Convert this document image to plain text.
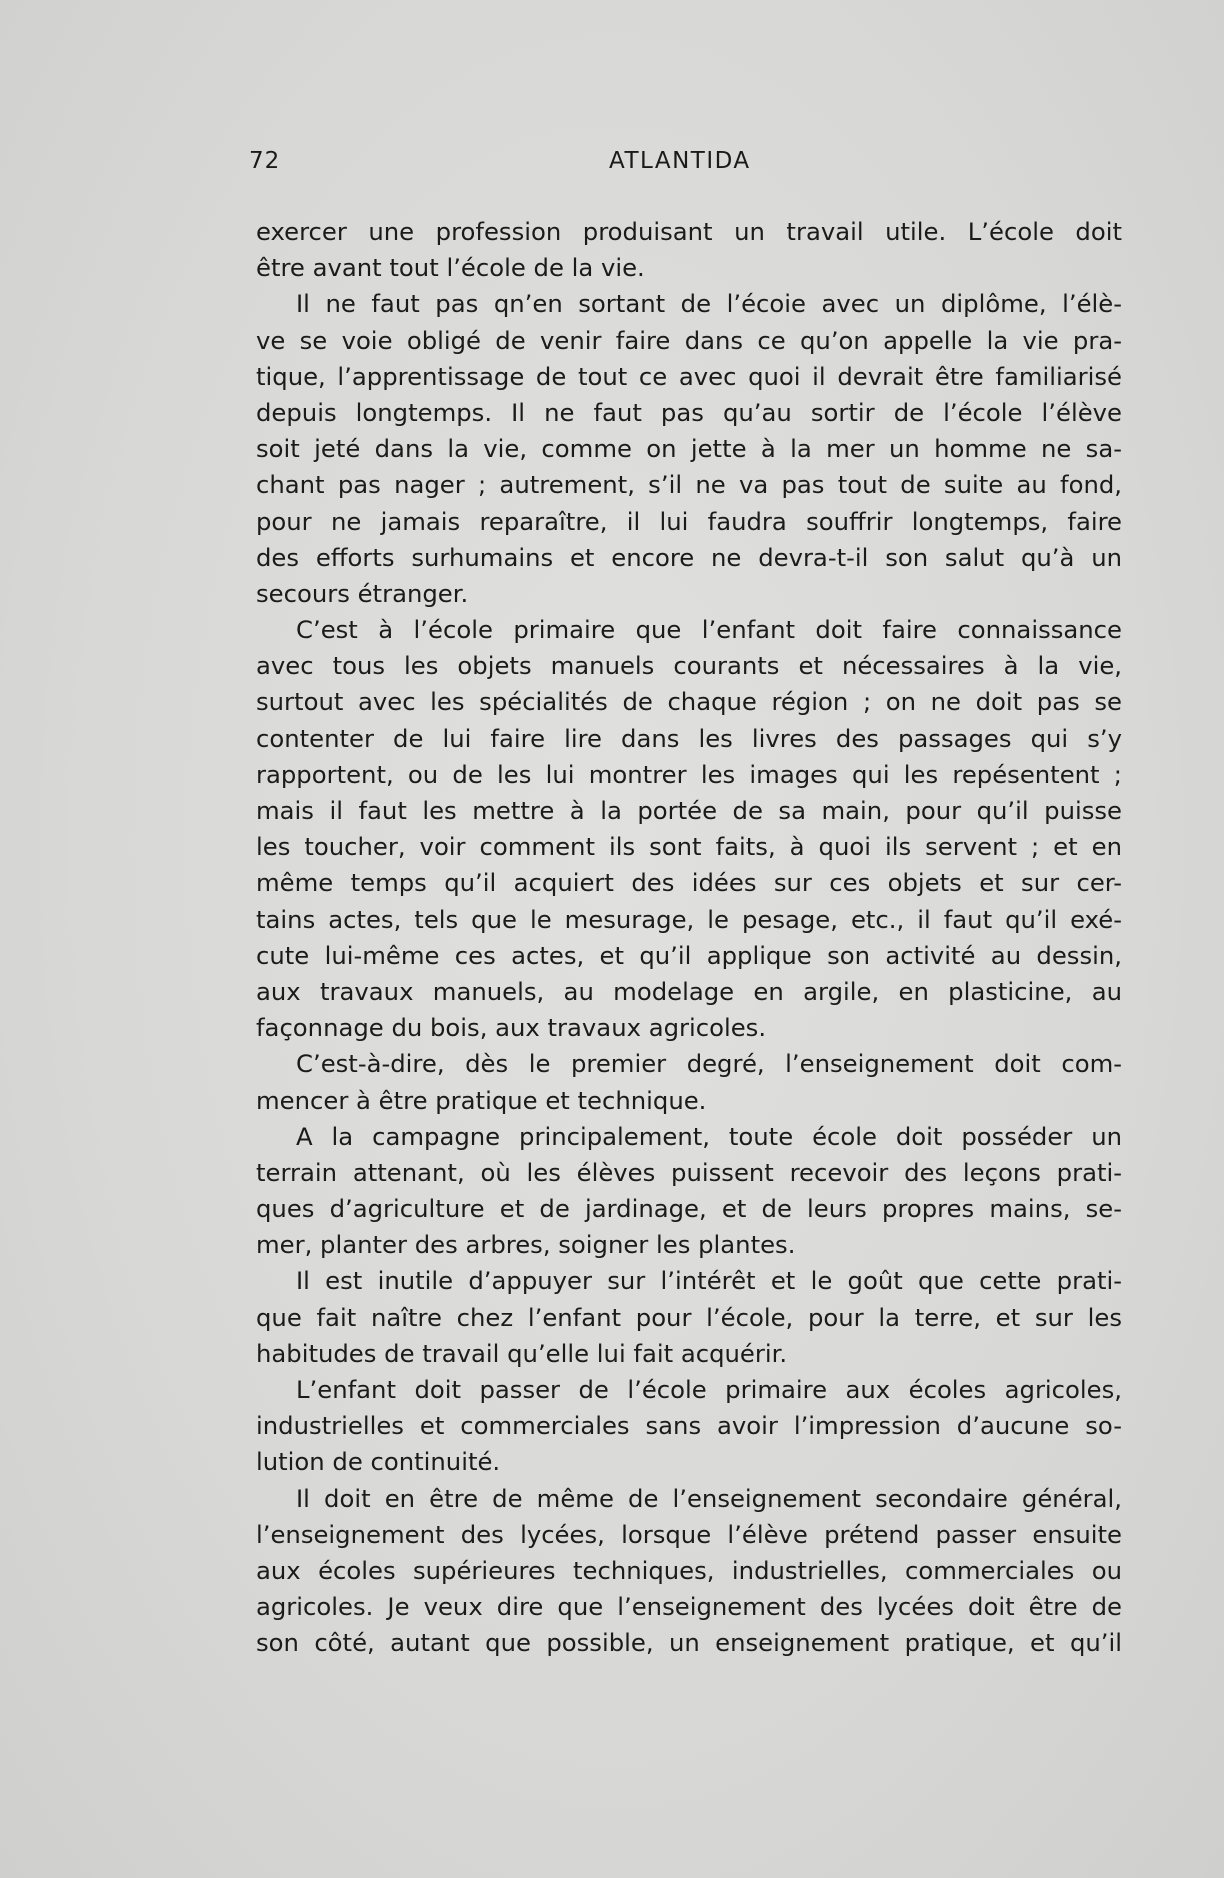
72	ATLANTIDA
exercer une profession produisant un travail utile. L’école doit
être avant tout l’école de la vie.
Il ne faut pas qn’en sortant de l’écoie avec un diplôme, l’élè-
ve se voie obligé de venir faire dans ce qu’on appelle la vie pra-
tique, l’apprentissage de tout ce avec quoi il devrait être familiarisé
depuis longtemps. Il ne faut pas qu’au sortir de l’école l’élève
soit jeté dans la vie, comme on jette à la mer un homme ne sa-
chant pas nager ; autrement, s’il ne va pas tout de suite au fond,
pour ne jamais reparaître, il lui faudra souffrir longtemps, faire
des efforts surhumains et encore ne devra-t-il son salut qu’à un
secours étranger.
C’est à l’école primaire que l’enfant doit faire connaissance
avec tous les objets manuels courants et nécessaires à la vie,
surtout avec les spécialités de chaque région ; on ne doit pas se
contenter de lui faire lire dans les livres des passages qui s’y
rapportent, ou de les lui montrer les images qui les repésentent ;
mais il faut les mettre à la portée de sa main, pour qu’il puisse
les toucher, voir comment ils sont faits, à quoi ils servent ; et en
même temps qu’il acquiert des idées sur ces objets et sur cer-
tains actes, tels que le mesurage, le pesage, etc., il faut qu’il exé-
cute lui-même ces actes, et qu’il applique son activité au dessin,
aux travaux manuels, au modelage en argile, en plasticine, au
façonnage du bois, aux travaux agricoles.
C’est-à-dire, dès le premier degré, l’enseignement doit com-
mencer à être pratique et technique.
A la campagne principalement, toute école doit posséder un
terrain attenant, où les élèves puissent recevoir des leçons prati-
ques d’agriculture et de jardinage, et de leurs propres mains, se-
mer, planter des arbres, soigner les plantes.
Il est inutile d’appuyer sur l’intérêt et le goût que cette prati-
que fait naître chez l’enfant pour l’école, pour la terre, et sur les
habitudes de travail qu’elle lui fait acquérir.
L’enfant doit passer de l’école primaire aux écoles agricoles,
industrielles et commerciales sans avoir l’impression d’aucune so-
lution de continuité.
Il doit en être de même de l’enseignement secondaire général,
l’enseignement des lycées, lorsque l’élève prétend passer ensuite
aux écoles supérieures techniques, industrielles, commerciales ou
agricoles. Je veux dire que l’enseignement des lycées doit être de
son côté, autant que possible, un enseignement pratique, et qu’il
